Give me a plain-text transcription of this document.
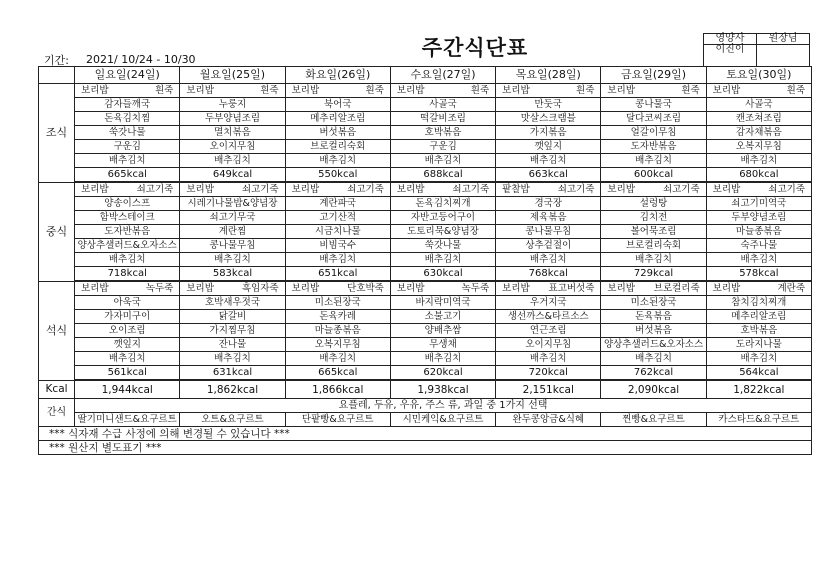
주간식단표
기간: 2021/ 10/24 - 10/30
영양사	원장님
이진이	
	일요일(24일)	월요일(25일)	화요일(26일)	수요일(27일)	목요일(28일)	금요일(29일)	토요일(30일)
조식	보리밥 흰죽	보리밥 흰죽	보리밥 흰죽	보리밥 흰죽	보리밥 흰죽	보리밥 흰죽	보리밥 흰죽

	감자들깨국	누룽지	북어국	사골국	만둣국	콩나물국	사골국
	돈육김치찜	두부양념조림	메추리알조림	떡갈비조림	맛살스크램블	달다코씨조림	캔조쳐조림
	쑥갓나물	멸치볶음	버섯볶음	호박볶음	가지볶음	얼갈이무침	감자채볶음
	구운김	오이지무침	브로컬리숙회	구운김	깻잎지	도자반볶음	오복지무침
	배추김치	배추김치	배추김치	배추김치	배추김치	배추김치	배추김치
	665kcal	649kcal	550kcal	688kcal	663kcal	600kcal	680kcal
중식	보리밥 쇠고기죽	보리밥 쇠고기죽	보리밥 쇠고기죽	보리밥 쇠고기죽	팥찰밥 쇠고기죽	보리밥 쇠고기죽	보리밥 쇠고기죽

	양송이스프	시레기나물밥&양념장	계란파국	돈육김치찌개	경국장	설렁탕	쇠고기미역국
	함박스테이크	쇠고기무국	고기산적	자반고등어구이	제육볶음	김치전	두부양념조림
	도자반볶음	계란찜	시금치나물	도토리묵&양념장	콩나물무침	볼어묵조림	마늘종볶음
	양상추샐러드&오자소스	콩나물무침	비빔국수	쑥갓나물	상추겉절이	브로컬리숙회	숙주나물
	배추김치	배추김치	배추김치	배추김치	배추김치	배추김치	배추김치
	718kcal	583kcal	651kcal	630kcal	768kcal	729kcal	578kcal
석식	보리밥 녹두죽	보리밥 흑임자죽	보리밥 단호박죽	보리밥 녹두죽	보리밥 표고버섯죽	보리밥 브로컬리죽	보리밥 계란죽

	아욱국	호박새우젓국	미소된장국	바지락미역국	우거지국	미소된장국	참치김치찌개
	가자미구이	닭갈비	돈육카레	소불고기	생선까스&타르소스	돈육볶음	메추리알조림
	오이조림	가지찜무침	마늘종볶음	양배추쌈	연근조림	버섯볶음	호박볶음
	깻잎지	잔나물	오복지무침	무생채	오이지무침	양상추샐러드&오자소스	도라지나물
	배추김치	배추김치	배추김치	배추김치	배추김치	배추김치	배추김치
	561kcal	631kcal	665kcal	620kcal	720kcal	762kcal	564kcal
Kcal	1,944kcal	1,862kcal	1,866kcal	1,938kcal	2,151kcal	2,090kcal	1,822kcal
간식	요플레, 두유, 우유, 주스 류, 과일 중 1가지 선택						
	딸기미니샌드&요구르트	오트&요구르트	단팥빵&요구르트	시민케익&요구르트	완두콩앙금&식혜	찐빵&요구르트	카스타드&요구르트
*** 식자재 수급 사정에 의해 변경될 수 있습니다 ***							
*** 원산지 별도표기 ***							
